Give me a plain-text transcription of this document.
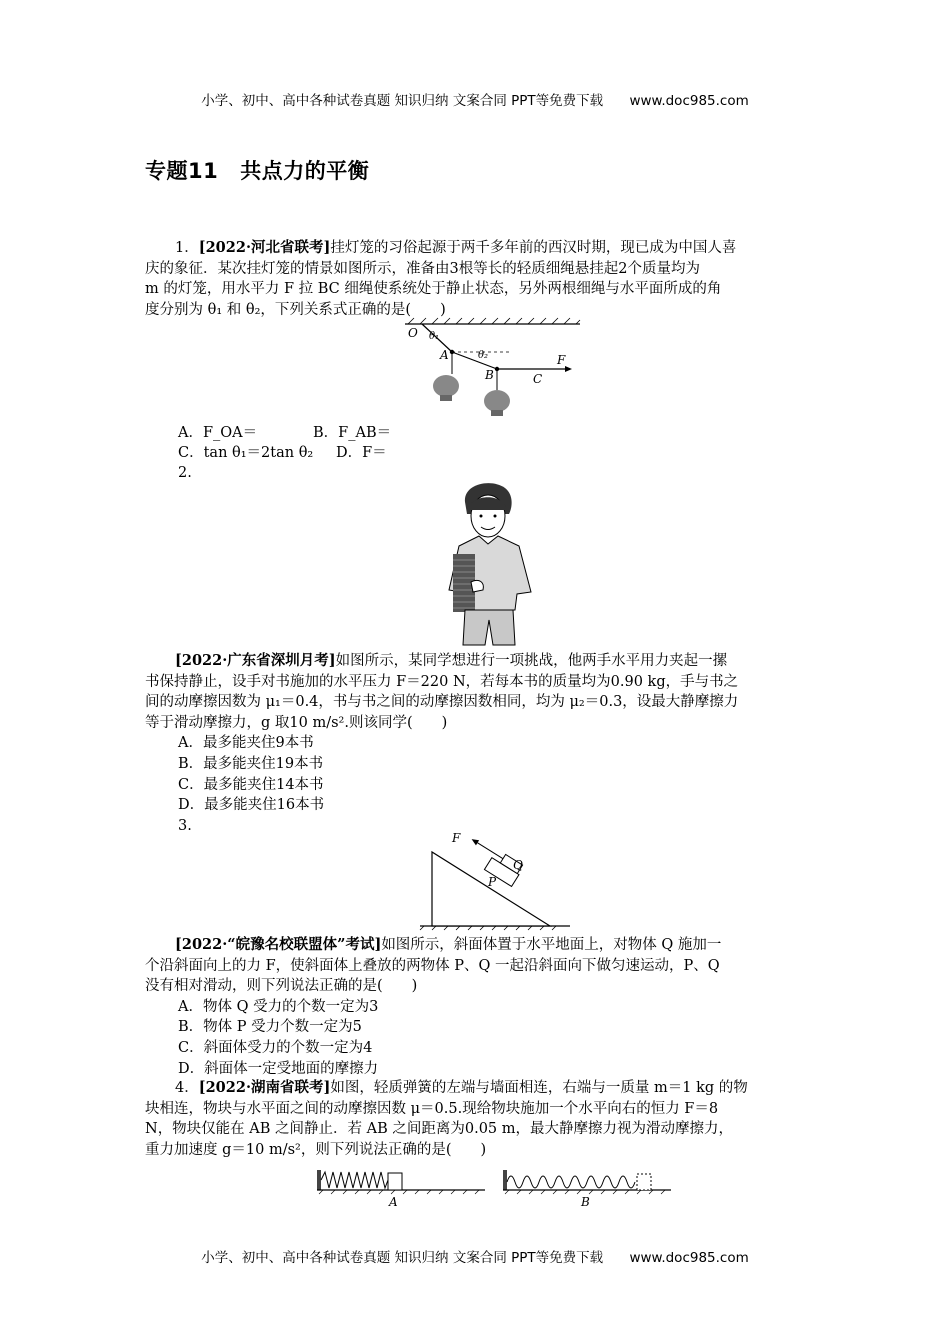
小学、初中、高中各种试卷真题 知识归纳 文案合同 PPT等免费下载 www.doc985.com
专题11 共点力的平衡
1．[2022·河北省联考]挂灯笼的习俗起源于两千多年前的西汉时期，现已成为中国人喜
庆的象征．某次挂灯笼的情景如图所示，准备由3根等长的轻质细绳悬挂起2个质量均为
m 的灯笼，用水平力 F 拉 BC 细绳使系统处于静止状态，另外两根细绳与水平面所成的角
度分别为 θ₁ 和 θ₂，下列关系式正确的是(　　)
O θ₁
A	θ₂
B	C
F
A．F_OA＝	B．F_AB＝
C．tan θ₁＝2tan θ₂ D．F＝
2.
[2022·广东省深圳月考]如图所示，某同学想进行一项挑战，他两手水平用力夹起一摞
书保持静止，设手对书施加的水平压力 F＝220 N，若每本书的质量均为0.90 kg，手与书之
间的动摩擦因数为 μ₁＝0.4，书与书之间的动摩擦因数相同，均为 μ₂＝0.3，设最大静摩擦力
等于滑动摩擦力，g 取10 m/s².则该同学(　　)
A．最多能夹住9本书
B．最多能夹住19本书
C．最多能夹住14本书
D．最多能夹住16本书
3.
F
P
Q
[2022·“皖豫名校联盟体”考试]如图所示，斜面体置于水平地面上，对物体 Q 施加一
个沿斜面向上的力 F，使斜面体上叠放的两物体 P、Q 一起沿斜面向下做匀速运动，P、Q
没有相对滑动，则下列说法正确的是(　　)
A．物体 Q 受力的个数一定为3
B．物体 P 受力个数一定为5
C．斜面体受力的个数一定为4
D．斜面体一定受地面的摩擦力
4．[2022·湖南省联考]如图，轻质弹簧的左端与墙面相连，右端与一质量 m＝1 kg 的物
块相连，物块与水平面之间的动摩擦因数 μ＝0.5.现给物块施加一个水平向右的恒力 F＝8
N，物块仅能在 AB 之间静止．若 AB 之间距离为0.05 m，最大静摩擦力视为滑动摩擦力，
重力加速度 g＝10 m/s²，则下列说法正确的是(　　)
A	B
小学、初中、高中各种试卷真题 知识归纳 文案合同 PPT等免费下载 www.doc985.com
